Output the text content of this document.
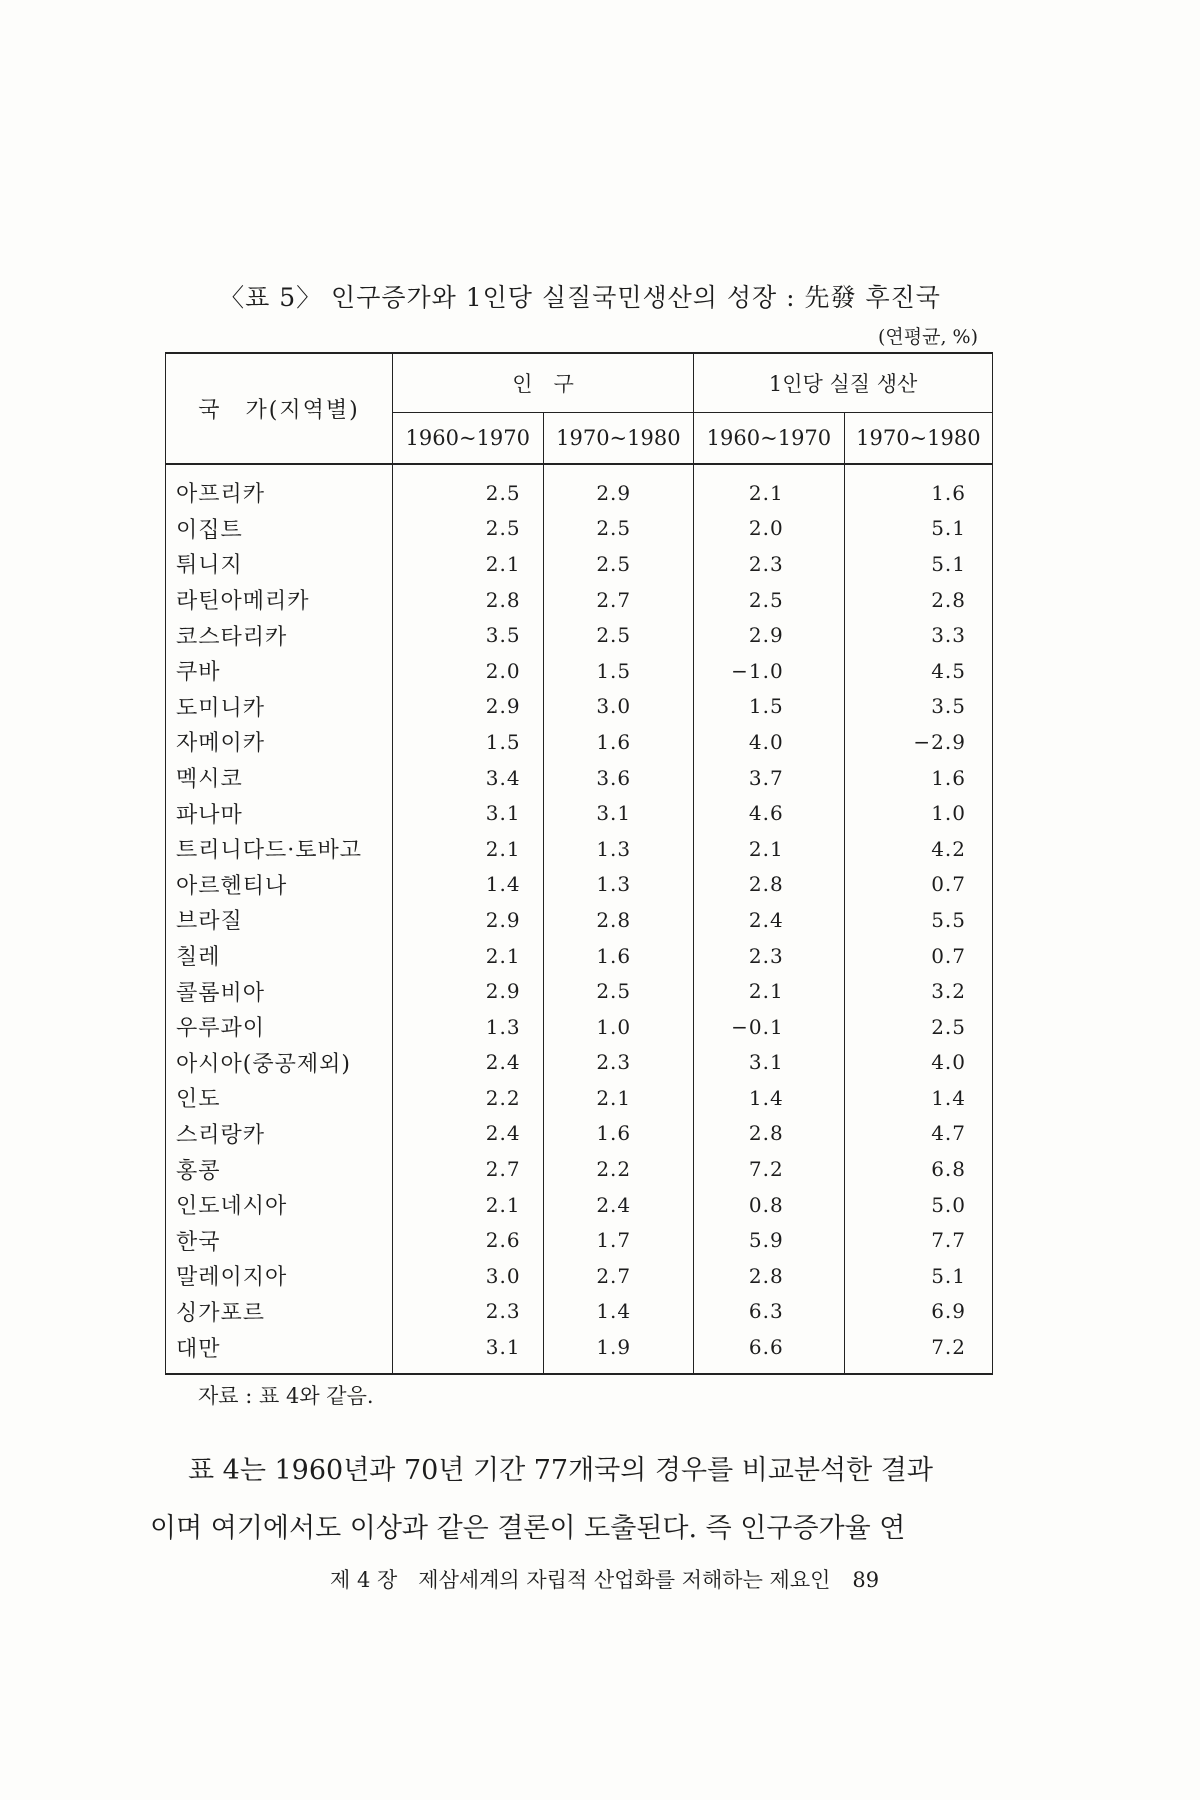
〈표 5〉 인구증가와 1인당 실질국민생산의 성장 : 先發 후진국
(연평균, %)
국　가(지역별)	인　구		1인당 실질 생산	
	1960~1970	1970~1980	1960~1970	1970~1980
아프리카	2.5	2.9	2.1	1.6
이집트	2.5	2.5	2.0	5.1
튀니지	2.1	2.5	2.3	5.1
라틴아메리카	2.8	2.7	2.5	2.8
코스타리카	3.5	2.5	2.9	3.3
쿠바	2.0	1.5	−1.0	4.5
도미니카	2.9	3.0	1.5	3.5
자메이카	1.5	1.6	4.0	−2.9
멕시코	3.4	3.6	3.7	1.6
파나마	3.1	3.1	4.6	1.0
트리니다드·토바고	2.1	1.3	2.1	4.2
아르헨티나	1.4	1.3	2.8	0.7
브라질	2.9	2.8	2.4	5.5
칠레	2.1	1.6	2.3	0.7
콜롬비아	2.9	2.5	2.1	3.2
우루과이	1.3	1.0	−0.1	2.5
아시아(중공제외)	2.4	2.3	3.1	4.0
인도	2.2	2.1	1.4	1.4
스리랑카	2.4	1.6	2.8	4.7
홍콩	2.7	2.2	7.2	6.8
인도네시아	2.1	2.4	0.8	5.0
한국	2.6	1.7	5.9	7.7
말레이지아	3.0	2.7	2.8	5.1
싱가포르	2.3	1.4	6.3	6.9
대만	3.1	1.9	6.6	7.2
자료 : 표 4와 같음.
표 4는 1960년과 70년 기간 77개국의 경우를 비교분석한 결과
이며 여기에서도 이상과 같은 결론이 도출된다. 즉 인구증가율 연
제 4 장　제삼세계의 자립적 산업화를 저해하는 제요인 89
